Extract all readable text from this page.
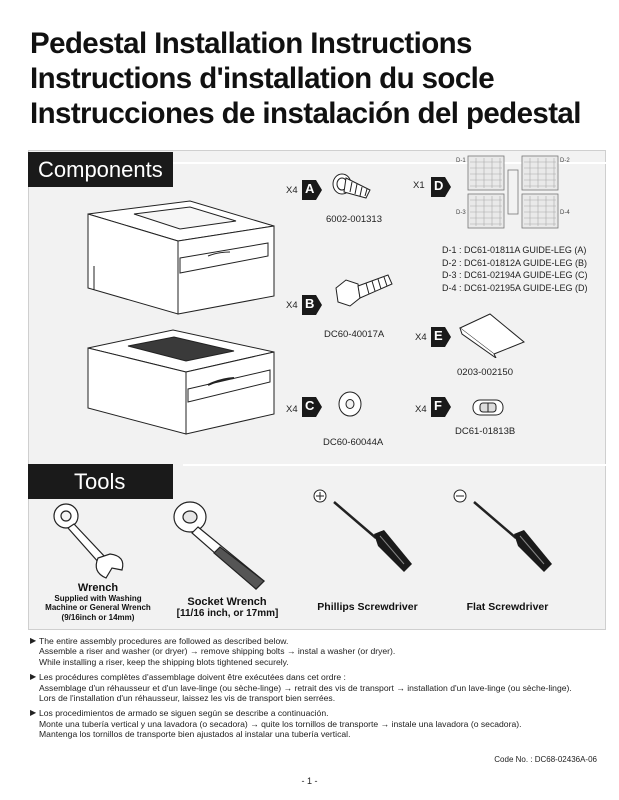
Pedestal Installation Instructions
Instructions d'installation du socle
Instrucciones de instalación del pedestal
Components
X4 A
6002-001313
X4 B
DC60-40017A
X4 C
DC60-60044A
X1 D
D-1	D-2
D-3	D-4
D-1 : DC61-01811A GUIDE-LEG (A)
D-2 : DC61-01812A GUIDE-LEG (B)
D-3 : DC61-02194A GUIDE-LEG (C)
D-4 : DC61-02195A GUIDE-LEG (D)
X4 E
0203-002150
X4 F
DC61-01813B
Tools
Wrench
Supplied with Washing
Machine or General Wrench
(9/16inch or 14mm)
Socket Wrench
[11/16 inch, or 17mm]
Phillips Screwdriver	Flat Screwdriver
▶ The entire assembly procedures are followed as described below.
Assemble a riser and washer (or dryer) → remove shipping bolts → instal a washer (or dryer).
While installing a riser, keep the shipping blots tightened securely.
▶ Les procédures complètes d'assemblage doivent être exécutées dans cet ordre :
Assemblage d'un réhausseur et d'un lave-linge (ou sèche-linge) → retrait des vis de transport → installation d'un lave-linge (ou sèche-linge).
Lors de l'installation d'un réhausseur, laissez les vis de transport bien serrées.
▶ Los procedimientos de armado se siguen según se describe a continuación.
Monte una tubería vertical y una lavadora (o secadora) → quite los tornillos de transporte → instale una lavadora (o secadora).
Mantenga los tornillos de transporte bien ajustados al instalar una tubería vertical.
Code No. : DC68-02436A-06
- 1 -
